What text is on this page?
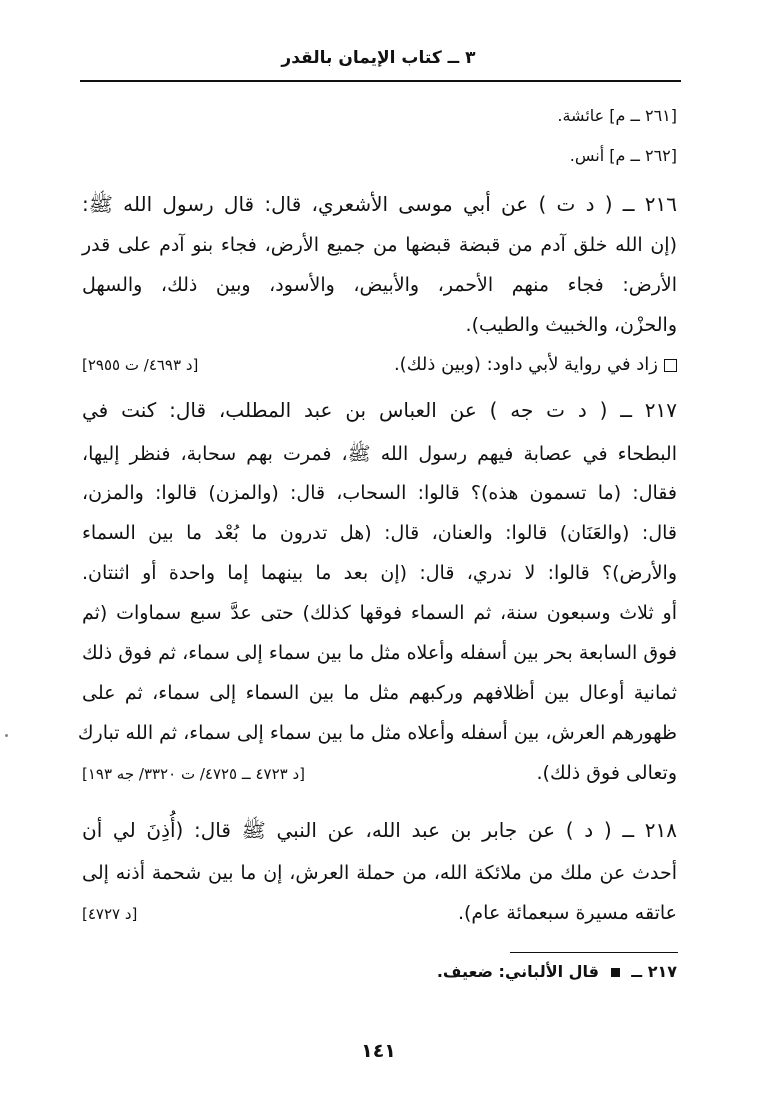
٣ ــ كتاب الإيمان بالقدر
[٢٦١ ــ م] عائشة.
[٢٦٢ ــ م] أنس.
٢١٦ ــ ( د ت ) عن أبي موسى الأشعري، قال: قال رسول الله ﷺ:
(إن الله خلق آدم من قبضة قبضها من جميع الأرض، فجاء بنو آدم على قدر
الأرض: فجاء منهم الأحمر، والأبيض، والأسود، وبين ذلك، والسهل
والحزْن، والخبيث والطيب).
زاد في رواية لأبي داود: (وبين ذلك).
[د ٤٦٩٣/ ت ٢٩٥٥]
٢١٧ ــ ( د ت جه ) عن العباس بن عبد المطلب، قال: كنت في
البطحاء في عصابة فيهم رسول الله ﷺ، فمرت بهم سحابة، فنظر إليها،
فقال: (ما تسمون هذه)؟ قالوا: السحاب، قال: (والمزن) قالوا: والمزن،
قال: (والعَنَان) قالوا: والعنان، قال: (هل تدرون ما بُعْد ما بين السماء
والأرض)؟ قالوا: لا ندري، قال: (إن بعد ما بينهما إما واحدة أو اثنتان.
أو ثلاث وسبعون سنة، ثم السماء فوقها كذلك) حتى عدَّ سبع سماوات (ثم
فوق السابعة بحر بين أسفله وأعلاه مثل ما بين سماء إلى سماء، ثم فوق ذلك
ثمانية أوعال بين أظلافهم وركبهم مثل ما بين السماء إلى سماء، ثم على
ظهورهم العرش، بين أسفله وأعلاه مثل ما بين سماء إلى سماء، ثم الله تبارك
وتعالى فوق ذلك).
[د ٤٧٢٣ ــ ٤٧٢٥/ ت ٣٣٢٠/ جه ١٩٣]
٢١٨ ــ ( د ) عن جابر بن عبد الله، عن النبي ﷺ قال: (أُذِنَ لي أن
أحدث عن ملك من ملائكة الله، من حملة العرش، إن ما بين شحمة أذنه إلى
عاتقه مسيرة سبعمائة عام).
[د ٤٧٢٧]
٢١٧ ــ  قال الألباني: ضعيف.
١٤١
